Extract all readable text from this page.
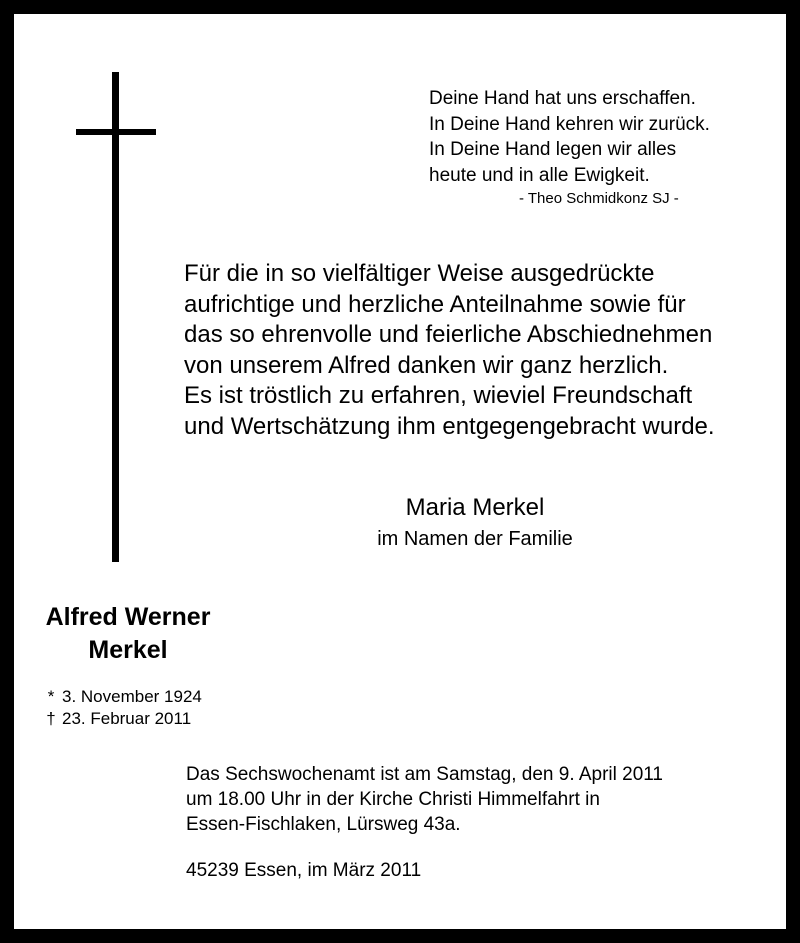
Deine Hand hat uns erschaffen.
In Deine Hand kehren wir zurück.
In Deine Hand legen wir alles
heute und in alle Ewigkeit.
- Theo Schmidkonz SJ -
Für die in so vielfältiger Weise ausgedrückte
aufrichtige und herzliche Anteilnahme sowie für
das so ehrenvolle und feierliche Abschiednehmen
von unserem Alfred danken wir ganz herzlich.
Es ist tröstlich zu erfahren, wieviel Freundschaft
und Wertschätzung ihm entgegengebracht wurde.
Maria Merkel
im Namen der Familie
Alfred Werner
Merkel
* 3. November 1924
† 23. Februar 2011
Das Sechswochenamt ist am Samstag, den 9. April 2011
um 18.00 Uhr in der Kirche Christi Himmelfahrt in
Essen-Fischlaken, Lürsweg 43a.
45239 Essen, im März 2011
